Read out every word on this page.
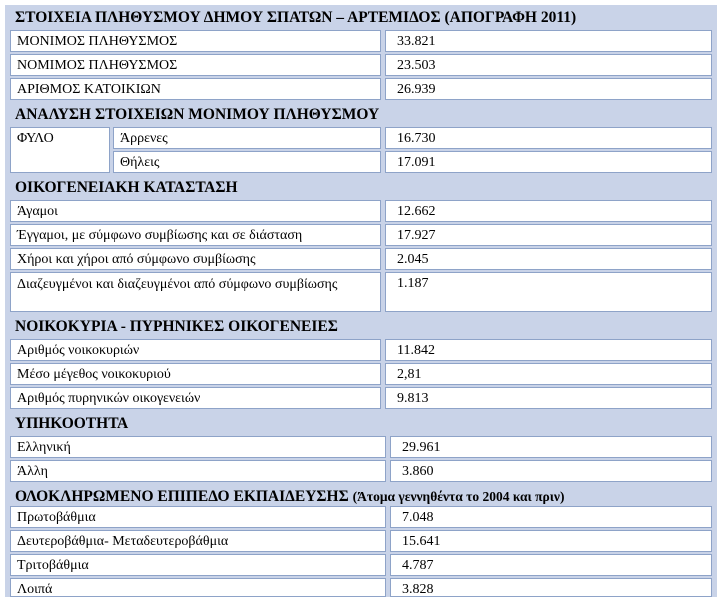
ΣΤΟΙΧΕΙΑ ΠΛΗΘΥΣΜΟΥ ΔΗΜΟΥ ΣΠΑΤΩΝ – ΑΡΤΕΜΙΔΟΣ (ΑΠΟΓΡΑΦΗ 2011)
ΜΟΝΙΜΟΣ ΠΛΗΘΥΣΜΟΣ	33.821
ΝΟΜΙΜΟΣ ΠΛΗΘΥΣΜΟΣ	23.503
ΑΡΙΘΜΟΣ ΚΑΤΟΙΚΙΩΝ	26.939
ΑΝΑΛΥΣΗ ΣΤΟΙΧΕΙΩΝ ΜΟΝΙΜΟΥ ΠΛΗΘΥΣΜΟΥ
ΦΥΛΟ	Άρρενες	16.730
Θήλεις	17.091
ΟΙΚΟΓΕΝΕΙΑΚΗ ΚΑΤΑΣΤΑΣΗ
Άγαμοι	12.662
Έγγαμοι, με σύμφωνο συμβίωσης και σε διάσταση	17.927
Χήροι και χήροι από σύμφωνο συμβίωσης	2.045
Διαζευγμένοι και διαζευγμένοι από σύμφωνο συμβίωσης	1.187
ΝΟΙΚΟΚΥΡΙΑ - ΠΥΡΗΝΙΚΕΣ ΟΙΚΟΓΕΝΕΙΕΣ
Αριθμός νοικοκυριών	11.842
Μέσο μέγεθος νοικοκυριού	2,81
Αριθμός πυρηνικών οικογενειών	9.813
ΥΠΗΚΟΟΤΗΤΑ
Ελληνική	29.961
Άλλη	3.860
ΟΛΟΚΛΗΡΩΜΕΝΟ ΕΠΙΠΕΔΟ ΕΚΠΑΙΔΕΥΣΗΣ (Άτομα γεννηθέντα το 2004 και πριν)
Πρωτοβάθμια	7.048
Δευτεροβάθμια- Μεταδευτεροβάθμια	15.641
Τριτοβάθμια	4.787
Λοιπά	3.828
